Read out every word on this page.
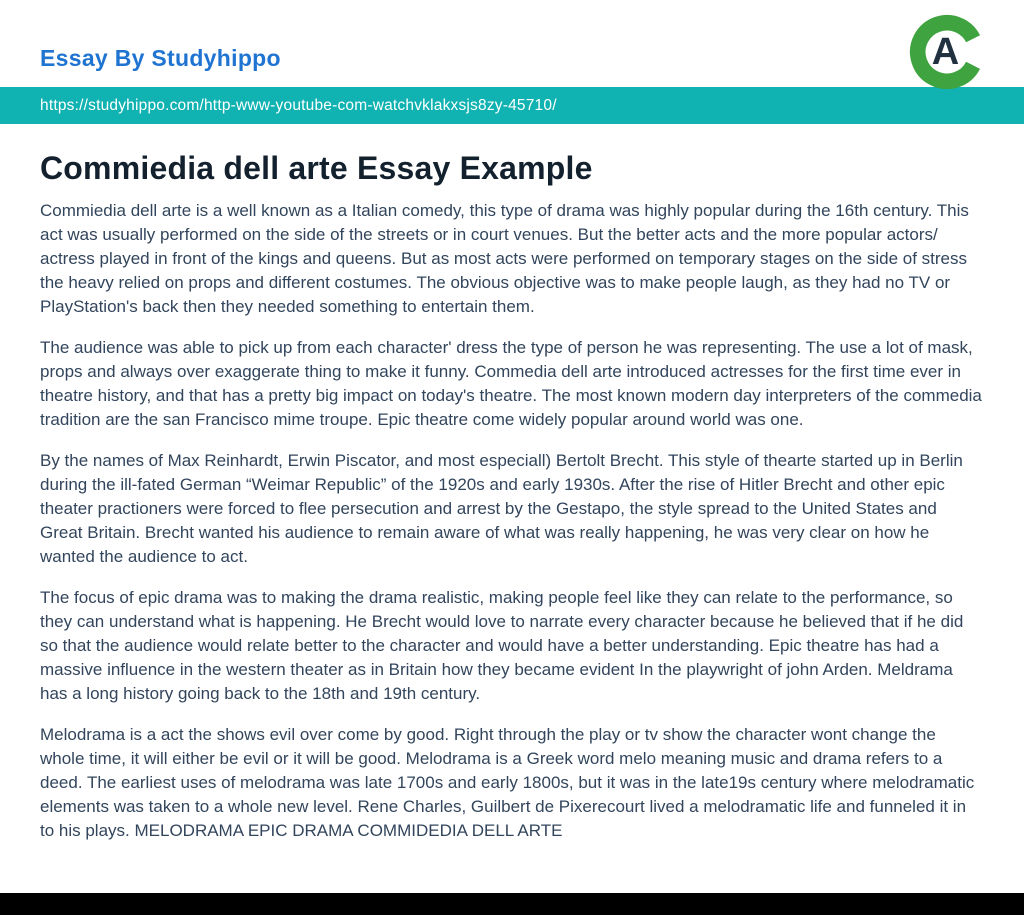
Essay By Studyhippo	A
https://studyhippo.com/http-www-youtube-com-watchvklakxsjs8zy-45710/
Commiedia dell arte Essay Example

Commiedia dell arte is a well known as a Italian comedy, this type of drama was highly popular during the 16th century. This act was usually performed on the side of the streets or in court venues. But the better acts and the more popular actors/ actress played in front of the kings and queens. But as most acts were performed on temporary stages on the side of stress the heavy relied on props and different costumes. The obvious objective was to make people laugh, as they had no TV or PlayStation's back then they needed something to entertain them.

The audience was able to pick up from each character' dress the type of person he was representing. The use a lot of mask, props and always over exaggerate thing to make it funny. Commedia dell arte introduced actresses for the first time ever in theatre history, and that has a pretty big impact on today's theatre. The most known modern day interpreters of the commedia tradition are the san Francisco mime troupe. Epic theatre come widely popular around world was one.

By the names of Max Reinhardt, Erwin Piscator, and most especiall) Bertolt Brecht. This style of thearte started up in Berlin during the ill-fated German “Weimar Republic” of the 1920s and early 1930s. After the rise of Hitler Brecht and other epic theater practioners were forced to flee persecution and arrest by the Gestapo, the style spread to the United States and Great Britain. Brecht wanted his audience to remain aware of what was really happening, he was very clear on how he wanted the audience to act.

The focus of epic drama was to making the drama realistic, making people feel like they can relate to the performance, so they can understand what is happening. He Brecht would love to narrate every character because he believed that if he did so that the audience would relate better to the character and would have a better understanding. Epic theatre has had a massive influence in the western theater as in Britain how they became evident In the playwright of john Arden. Meldrama has a long history going back to the 18th and 19th century.

Melodrama is a act the shows evil over come by good. Right through the play or tv show the character wont change the whole time, it will either be evil or it will be good. Melodrama is a Greek word melo meaning music and drama refers to a deed. The earliest uses of melodrama was late 1700s and early 1800s, but it was in the late19s century where melodramatic elements was taken to a whole new level. Rene Charles, Guilbert de Pixerecourt lived a melodramatic life and funneled it in to his plays. MELODRAMA EPIC DRAMA COMMIDEDIA DELL ARTE
